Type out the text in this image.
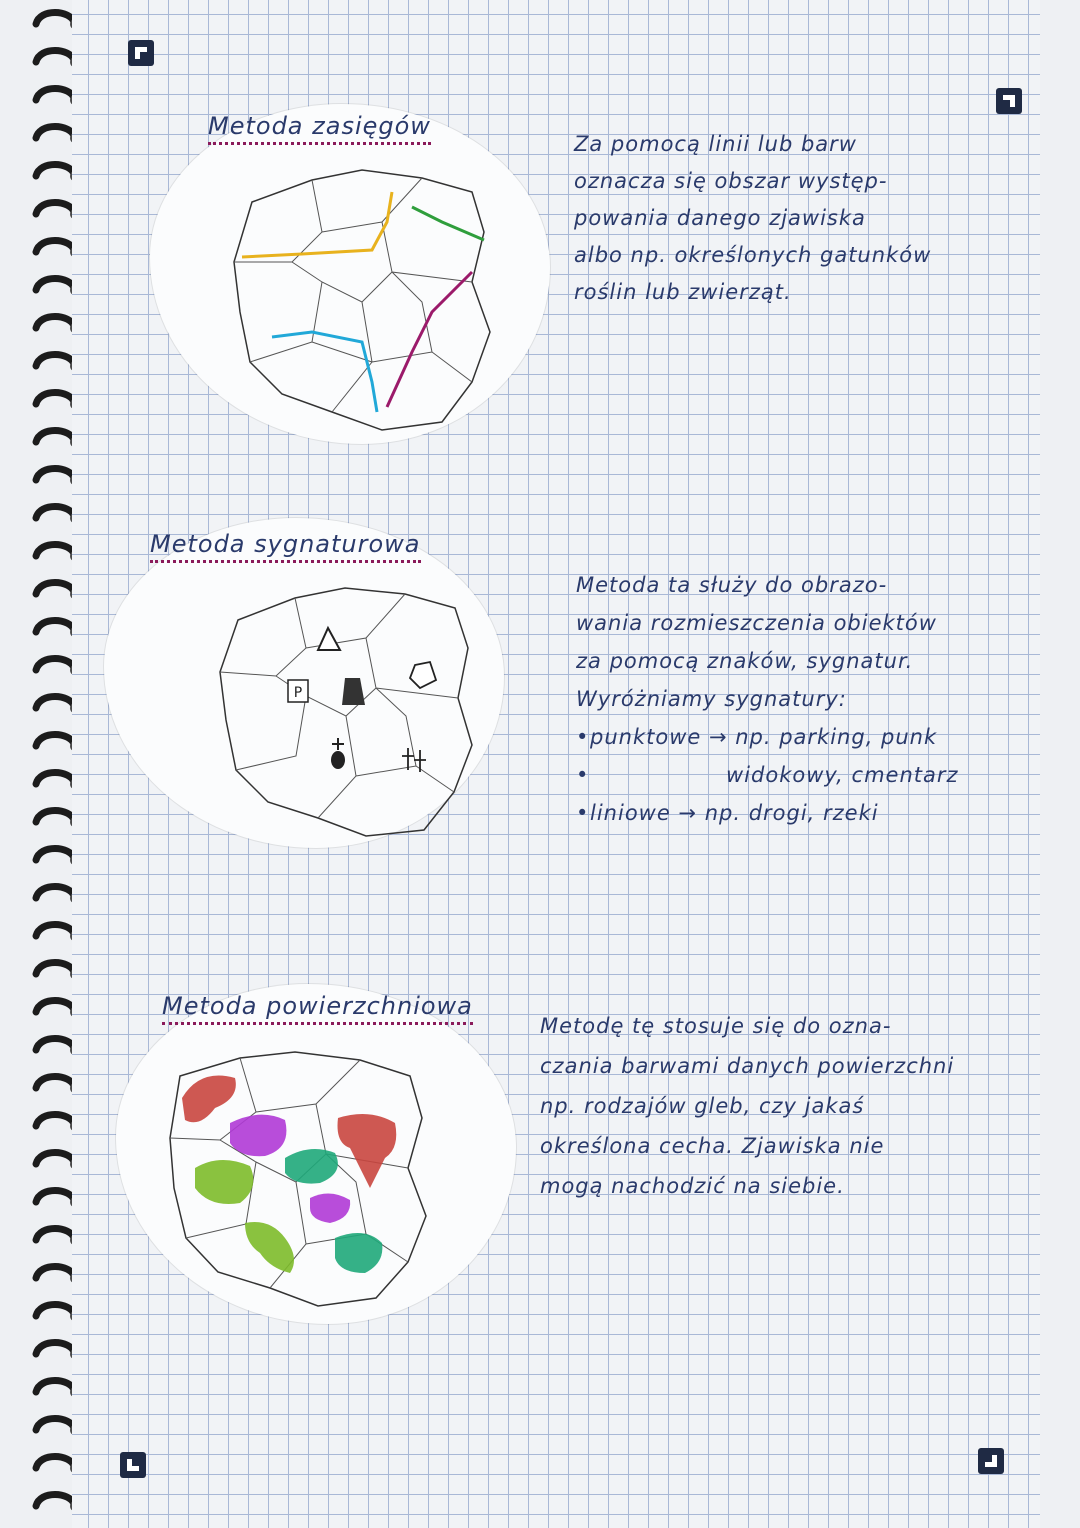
Metoda zasięgów
Za pomocą linii lub barw
oznacza się obszar występ-
powania danego zjawiska
albo np. określonych gatunków
roślin lub zwierząt.
Metoda sygnaturowa
P
Metoda ta służy do obrazo-
wania rozmieszczenia obiektów
za pomocą znaków, sygnatur.
Wyróżniamy sygnatury:
• punktowe → np. parking, punk
• widokowy, cmentarz
• liniowe → np. drogi, rzeki
Metoda powierzchniowa
Metodę tę stosuje się do ozna-
czania barwami danych powierzchni
np. rodzajów gleb, czy jakaś
określona cecha. Zjawiska nie
mogą nachodzić na siebie.
